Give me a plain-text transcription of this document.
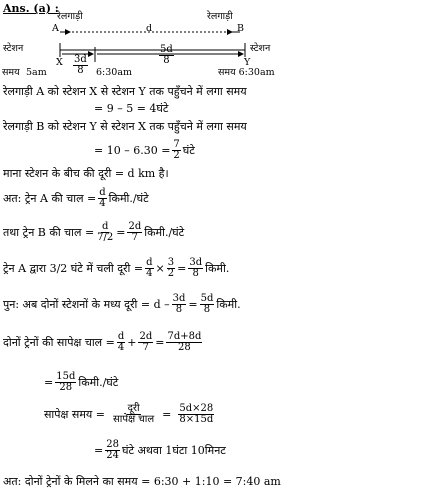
Ans. (a) :
रेलगाड़ी	रेलगाड़ी
A	B
d
स्टेशन	स्टेशन
X	Y
$\frac{3d}{8}$	$\frac{5d}{8}$
समय 5am	6:30am	समय 6:30am
रेलगाड़ी A को स्टेशन X से स्टेशन Y तक पहुँचने में लगा समय
= 9 – 5 = 4घंटे
रेलगाड़ी B को स्टेशन Y से स्टेशन X तक पहुँचने में लगा समय
= $10 - 6.30 = \frac{7}{2}$ घंटे
माना स्टेशन के बीच की दूरी = d km है।
अत: ट्रेन A की चाल = $\frac{d}{4}$ किमी./घंटे
तथा ट्रेन B की चाल = $\frac{d}{7/2} = \frac{2d}{7}$ किमी./घंटे
ट्रेन A द्वारा 3/2 घंटे में चली दूरी = $\frac{d}{4} \times \frac{3}{2} = \frac{3d}{8}$ किमी.
पुन: अब दोनों स्टेशनों के मध्य दूरी = $d - \frac{3d}{8} = \frac{5d}{8}$ किमी.
दोनों ट्रेनों की सापेक्ष चाल = $\frac{d}{4} + \frac{2d}{7} = \frac{7d+8d}{28}$
= $\frac{15d}{28}$ किमी./घंटे
सापेक्ष समय = $\frac{\text{दूरी}}{\text{सापेक्ष चाल}} = \frac{5d\times 28}{8\times 15d}$
= $\frac{28}{24}$ घंटे अथवा 1घंटा 10मिनट
अत: दोनों ट्रेनों के मिलने का समय = 6:30 + 1:10 = 7:40 am
